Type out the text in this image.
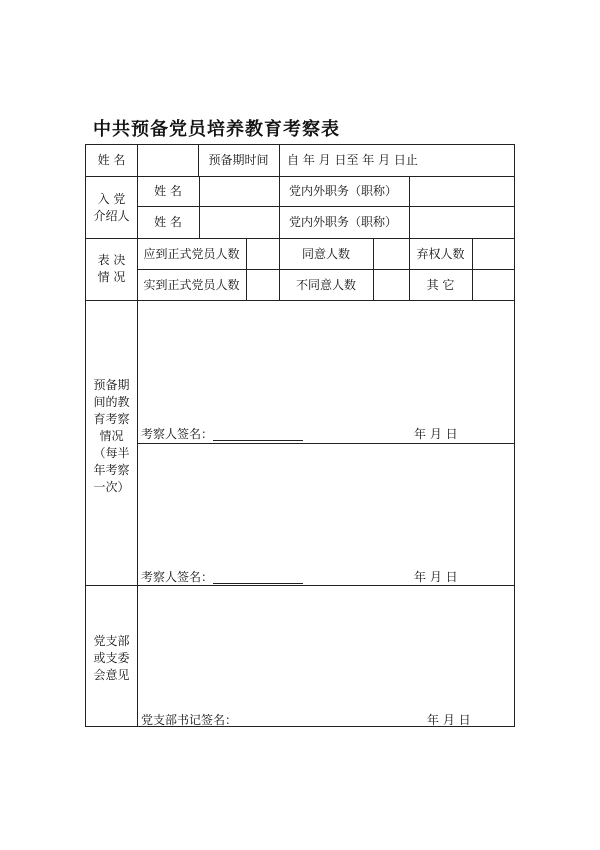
中共预备党员培养教育考察表
姓 名	预备期时间	自 年 月 日至 年 月 日止
入 党
介绍人
姓 名	党内外职务（职称）
姓 名	党内外职务（职称）
表 决
情 况
应到正式党员人数	同意人数	弃权人数
实到正式党员人数	不同意人数	其 它
预备期
间的教
育考察
情况
（每半
年考察
一次）
考察人签名：	年 月 日
考察人签名：	年 月 日
党支部
或支委
会意见
党支部书记签名：	年 月 日
